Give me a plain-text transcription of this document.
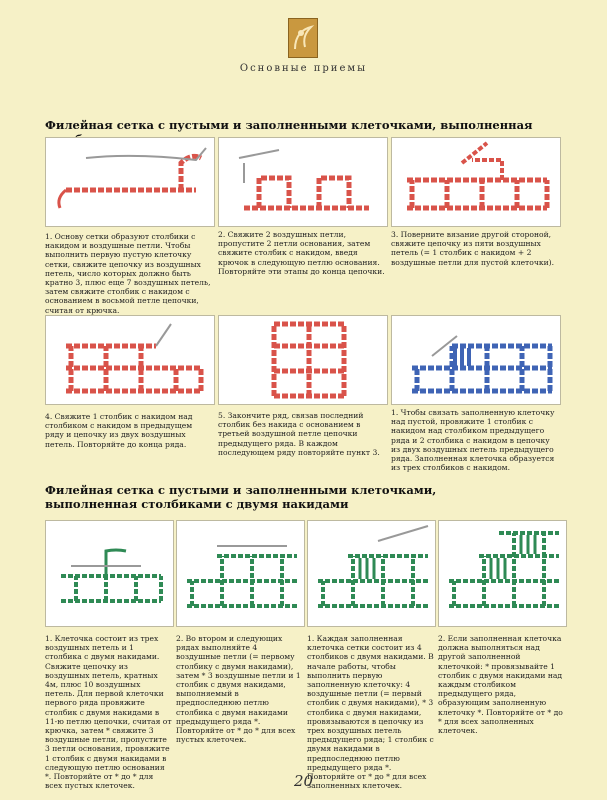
Основные приемы
Филейная сетка с пустыми и заполненными клеточками, выполненная
1. Основу сетки образуют столбики с накидом и воздушные петли. Чтобы выполнить первую пустую клеточку сетки, свяжите цепочку из воздушных петель, число которых должно быть кратно 3, плюс еще 7 воздушных петель, затем свяжите столбик с накидом с основанием в восьмой петле цепочки, считая от крючка.
2. Свяжите 2 воздушных петли, пропустите 2 петли основания, затем свяжите столбик с накидом, введя крючок в следующую петлю основания. Повторяйте эти этапы до конца цепочки.
3. Поверните вязание другой стороной, свяжите цепочку из пяти воздушных петель (= 1 столбик с накидом + 2 воздушные петли для пустой клеточки).
4. Свяжите 1 столбик с накидом над столбиком с накидом в предыдущем ряду и цепочку из двух воздушных петель. Повторяйте до конца ряда.
5. Закончите ряд, связав последний столбик без накида с основанием в третьей воздушной петле цепочки предыдущего ряда. В каждом последующем ряду повторяйте пункт 3.
1. Чтобы связать заполненную клеточку над пустой, провяжите 1 столбик с накидом над столбиком предыдущего ряда и 2 столбика с накидом в цепочку из двух воздушных петель предыдущего ряда. Заполненная клеточка образуется из трех столбиков с накидом.
Филейная сетка с пустыми и заполненными клеточками,
выполненная столбиками с двумя накидами
1. Клеточка состоит из трех воздушных петель и 1 столбика с двумя накидами. Свяжите цепочку из воздушных петель, кратных 4м, плюс 10 воздушных петель. Для первой клеточки первого ряда провяжите столбик с двумя накидами в 11-ю петлю цепочки, считая от крючка, затем * свяжите 3 воздушные петли, пропустите 3 петли основания, провяжите 1 столбик с двумя накидами в следующую петлю основания *. Повторяйте от * до * для всех пустых клеточек.
2. Во втором и следующих рядах выполняйте 4 воздушные петли (= первому столбику с двумя накидами), затем * 3 воздушные петли и 1 столбик с двумя накидами, выполняемый в предпоследнюю петлю столбика с двумя накидами предыдущего ряда *. Повторяйте от * до * для всех пустых клеточек.
1. Каждая заполненная клеточка сетки состоит из 4 столбиков с двумя накидами. В начале работы, чтобы выполнить первую заполненную клеточку: 4 воздушные петли (= первый столбик с двумя накидами), * 3 столбика с двумя накидами, провязываются в цепочку из трех воздушных петель предыдущего ряда; 1 столбик с двумя накидами в предпоследнюю петлю предыдущего ряда *. Повторяйте от * до * для всех заполненных клеточек.
2. Если заполненная клеточка должна выполняться над другой заполненной клеточкой: * провязывайте 1 столбик с двумя накидами над каждым столбиком предыдущего ряда, образующим заполненную клеточку *. Повторяйте от * до * для всех заполненных клеточек.
20
